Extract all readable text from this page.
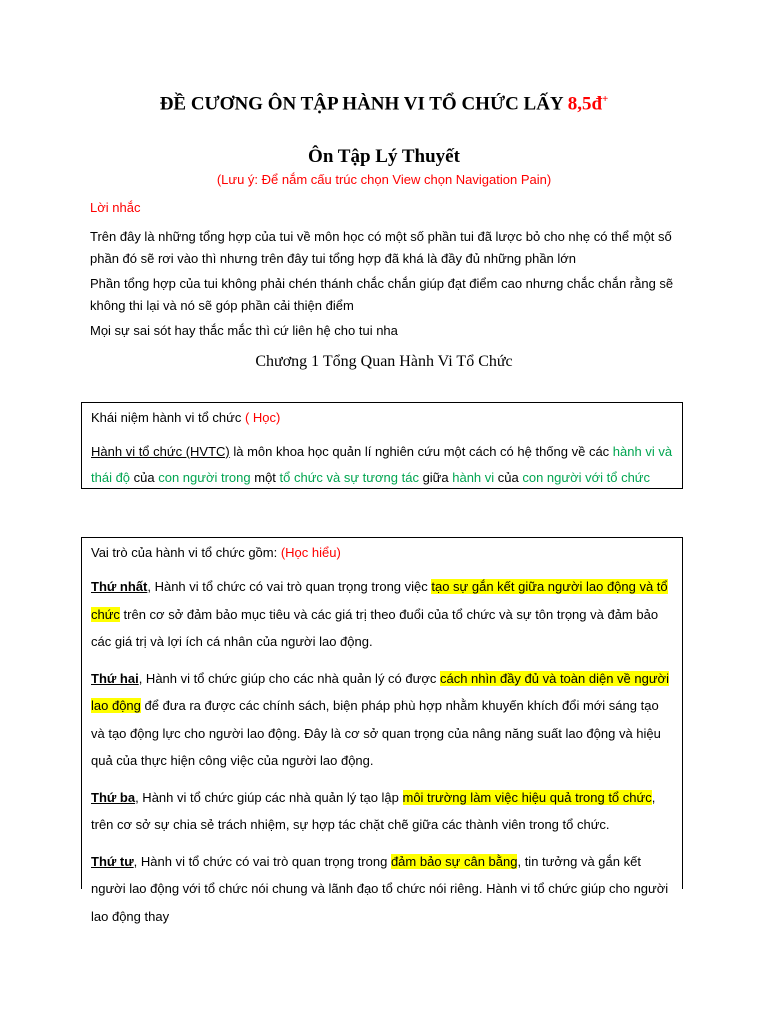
ĐỀ CƯƠNG ÔN TẬP HÀNH VI TỔ CHỨC LẤY 8,5đ+
Ôn Tập Lý Thuyết
(Lưu ý: Để nắm cấu trúc chọn View chọn Navigation Pain)
Lời nhắc
Trên đây là những tổng hợp của tui về môn học có một số phần tui đã lược bỏ cho nhẹ có thể một số phần đó sẽ rơi vào thì nhưng trên đây tui tổng hợp đã khá là đầy đủ những phần lớn
Phần tổng hợp của tui không phải chén thánh chắc chắn giúp đạt điểm cao nhưng chắc chắn rằng sẽ không thi lại và nó sẽ góp phần cải thiện điểm
Mọi sự sai sót hay thắc mắc thì cứ liên hệ cho tui nha
Chương 1 Tổng Quan Hành Vi Tổ Chức
Khái niệm hành vi tổ chức ( Học)
Hành vi tổ chức (HVTC) là môn khoa học quản lí nghiên cứu một cách có hệ thống về các hành vi và thái độ của con người trong một tổ chức và sự tương tác giữa hành vi của con người với tổ chức
Vai trò của hành vi tổ chức gồm: (Học hiểu)
Thứ nhất, Hành vi tổ chức có vai trò quan trọng trong việc tạo sự gắn kết giữa người lao động và tổ chức trên cơ sở đảm bảo mục tiêu và các giá trị theo đuổi của tổ chức và sự tôn trọng và đảm bảo các giá trị và lợi ích cá nhân của người lao động.
Thứ hai, Hành vi tổ chức giúp cho các nhà quản lý có được cách nhìn đầy đủ và toàn diện về người lao động để đưa ra được các chính sách, biện pháp phù hợp nhằm khuyến khích đổi mới sáng tạo và tạo động lực cho người lao động. Đây là cơ sở quan trọng của nâng năng suất lao động và hiệu quả của thực hiện công việc của người lao động.
Thứ ba, Hành vi tổ chức giúp các nhà quản lý tạo lập môi trường làm việc hiệu quả trong tổ chức, trên cơ sở sự chia sẻ trách nhiệm, sự hợp tác chặt chẽ giữa các thành viên trong tổ chức.
Thứ tư, Hành vi tổ chức có vai trò quan trọng trong đảm bảo sự cân bằng, tin tưởng và gắn kết người lao động với tổ chức nói chung và lãnh đạo tổ chức nói riêng. Hành vi tổ chức giúp cho người lao động thay
